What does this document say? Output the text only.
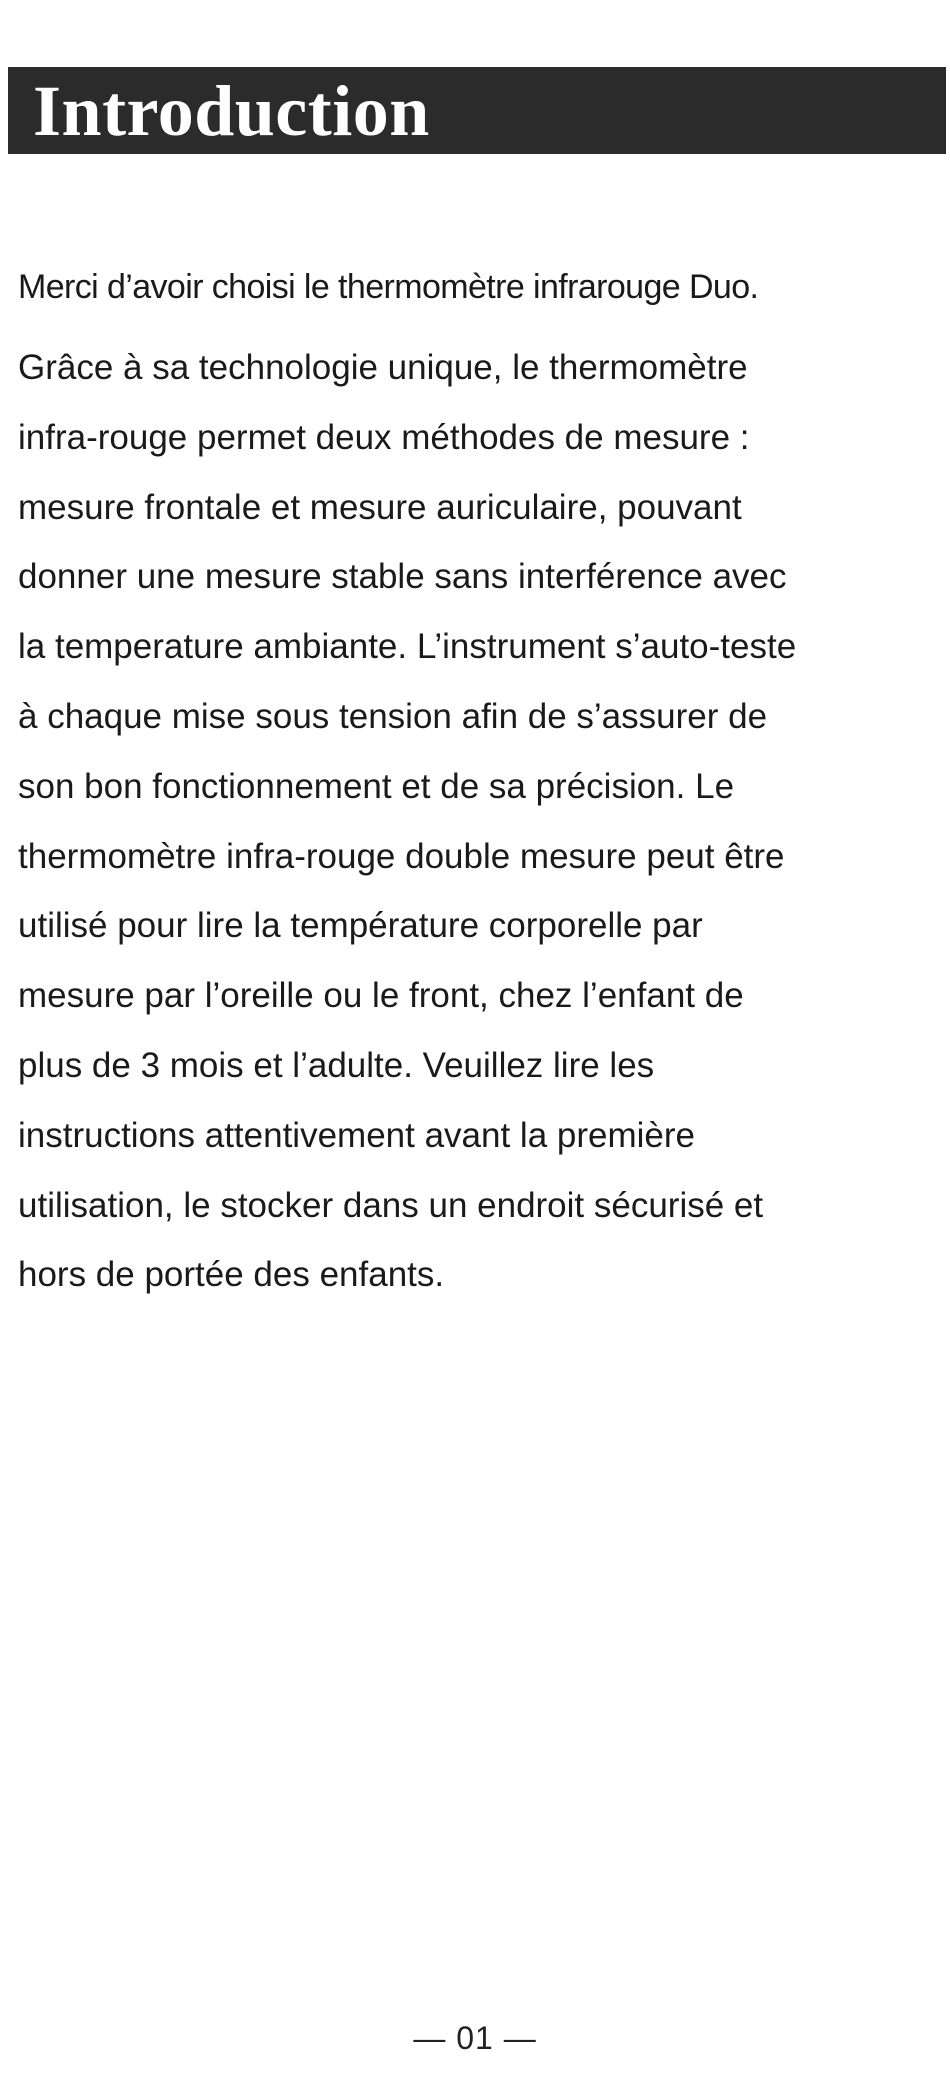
Introduction

Merci d’avoir choisi le thermomètre infrarouge Duo.

Grâce à sa technologie unique, le thermomètre
infra-rouge permet deux méthodes de mesure :
mesure frontale et mesure auriculaire, pouvant
donner une mesure stable sans interférence avec
la temperature ambiante. L’instrument s’auto-teste
à chaque mise sous tension afin de s’assurer de
son bon fonctionnement et de sa précision. Le
thermomètre infra-rouge double mesure peut être
utilisé pour lire la température corporelle par
mesure par l’oreille ou le front, chez l’enfant de
plus de 3 mois et l’adulte. Veuillez lire les
instructions attentivement avant la première
utilisation, le stocker dans un endroit sécurisé et
hors de portée des enfants.
— 01 —
